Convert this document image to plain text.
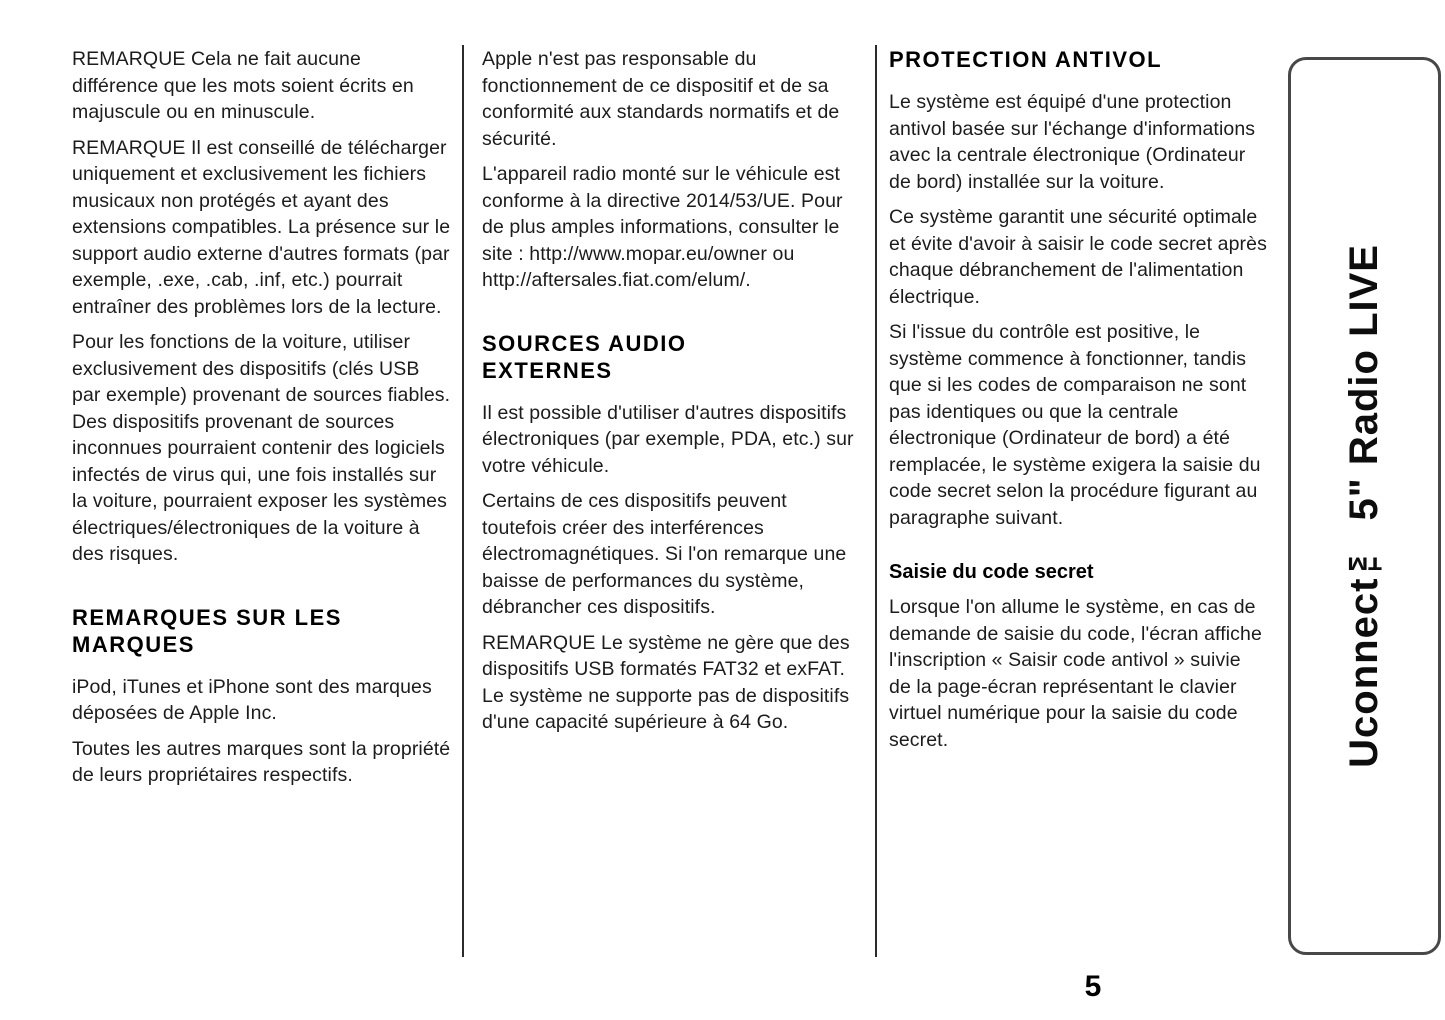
REMARQUE Cela ne fait aucune différence que les mots soient écrits en majuscule ou en minuscule.

REMARQUE Il est conseillé de télécharger uniquement et exclusivement les fichiers musicaux non protégés et ayant des extensions compatibles. La présence sur le support audio externe d'autres formats (par exemple, .exe, .cab, .inf, etc.) pourrait entraîner des problèmes lors de la lecture.

Pour les fonctions de la voiture, utiliser exclusivement des dispositifs (clés USB par exemple) provenant de sources fiables. Des dispositifs provenant de sources inconnues pourraient contenir des logiciels infectés de virus qui, une fois installés sur la voiture, pourraient exposer les systèmes électriques/électroniques de la voiture à des risques.

REMARQUES SUR LES MARQUES

iPod, iTunes et iPhone sont des marques déposées de Apple Inc.

Toutes les autres marques sont la propriété de leurs propriétaires respectifs.

Apple n'est pas responsable du fonctionnement de ce dispositif et de sa conformité aux standards normatifs et de sécurité.

L'appareil radio monté sur le véhicule est conforme à la directive 2014/53/UE. Pour de plus amples informations, consulter le site : http://www.mopar.eu/owner ou http://aftersales.fiat.com/elum/.

SOURCES AUDIO EXTERNES

Il est possible d'utiliser d'autres dispositifs électroniques (par exemple, PDA, etc.) sur votre véhicule.

Certains de ces dispositifs peuvent toutefois créer des interférences électromagnétiques. Si l'on remarque une baisse de performances du système, débrancher ces dispositifs.

REMARQUE Le système ne gère que des dispositifs USB formatés FAT32 et exFAT. Le système ne supporte pas de dispositifs d'une capacité supérieure à 64 Go.

PROTECTION ANTIVOL

Le système est équipé d'une protection antivol basée sur l'échange d'informations avec la centrale électronique (Ordinateur de bord) installée sur la voiture.

Ce système garantit une sécurité optimale et évite d'avoir à saisir le code secret après chaque débranchement de l'alimentation électrique.

Si l'issue du contrôle est positive, le système commence à fonctionner, tandis que si les codes de comparaison ne sont pas identiques ou que la centrale électronique (Ordinateur de bord) a été remplacée, le système exigera la saisie du code secret selon la procédure figurant au paragraphe suivant.

Saisie du code secret

Lorsque l'on allume le système, en cas de demande de saisie du code, l'écran affiche l'inscription « Saisir code antivol » suivie de la page-écran représentant le clavier virtuel numérique pour la saisie du code secret.	Uconnect™ 5" Radio LIVE
5
